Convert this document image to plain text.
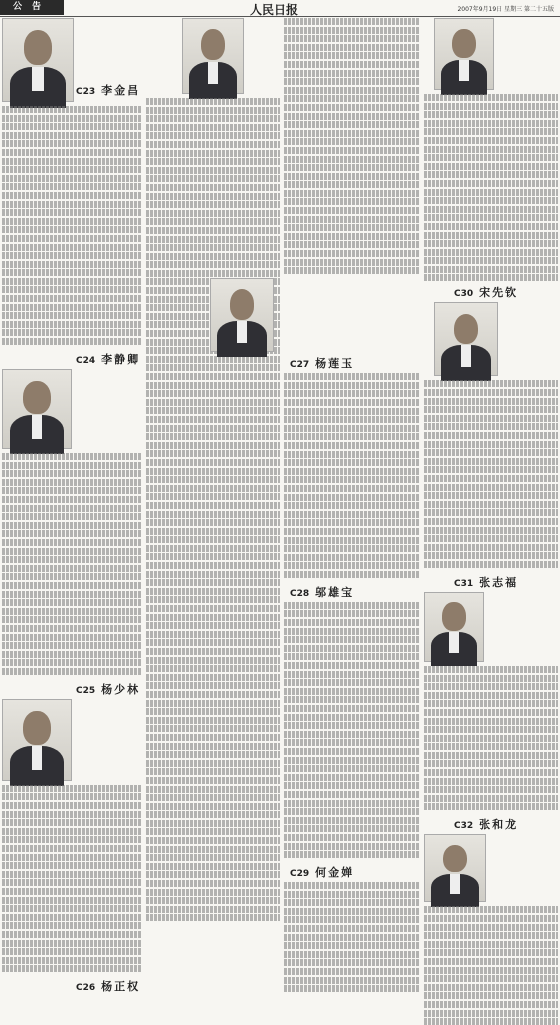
公告	人民日报	2007年9月19日 星期三 第二十五版
C23 李金昌
C24 李静卿
C25 杨少林
C26 杨正权
C27 杨莲玉
C28 邬雄宝
C29 何金婵
C30 宋先钦
C31 张志福
C32 张和龙
